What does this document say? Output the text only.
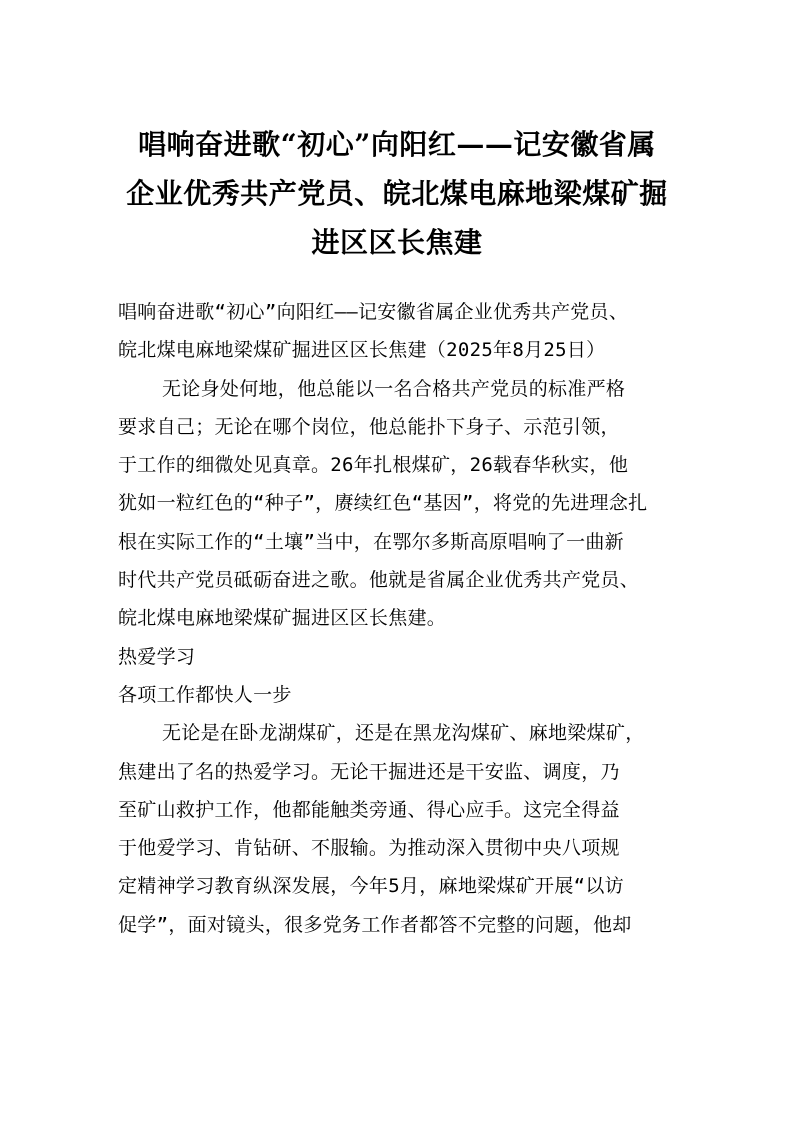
唱响奋进歌“初心”向阳红——记安徽省属
企业优秀共产党员、皖北煤电麻地梁煤矿掘
进区区长焦建
唱响奋进歌“初心”向阳红——记安徽省属企业优秀共产党员、
皖北煤电麻地梁煤矿掘进区区长焦建（2025年8月25日）
无论身处何地，他总能以一名合格共产党员的标准严格
要求自己；无论在哪个岗位，他总能扑下身子、示范引领，
于工作的细微处见真章。26年扎根煤矿，26载春华秋实，他
犹如一粒红色的“种子”，赓续红色“基因”，将党的先进理念扎
根在实际工作的“土壤”当中，在鄂尔多斯高原唱响了一曲新
时代共产党员砥砺奋进之歌。他就是省属企业优秀共产党员、
皖北煤电麻地梁煤矿掘进区区长焦建。
热爱学习
各项工作都快人一步
无论是在卧龙湖煤矿，还是在黑龙沟煤矿、麻地梁煤矿，
焦建出了名的热爱学习。无论干掘进还是干安监、调度，乃
至矿山救护工作，他都能触类旁通、得心应手。这完全得益
于他爱学习、肯钻研、不服输。为推动深入贯彻中央八项规
定精神学习教育纵深发展，今年5月，麻地梁煤矿开展“以访
促学”，面对镜头，很多党务工作者都答不完整的问题，他却
